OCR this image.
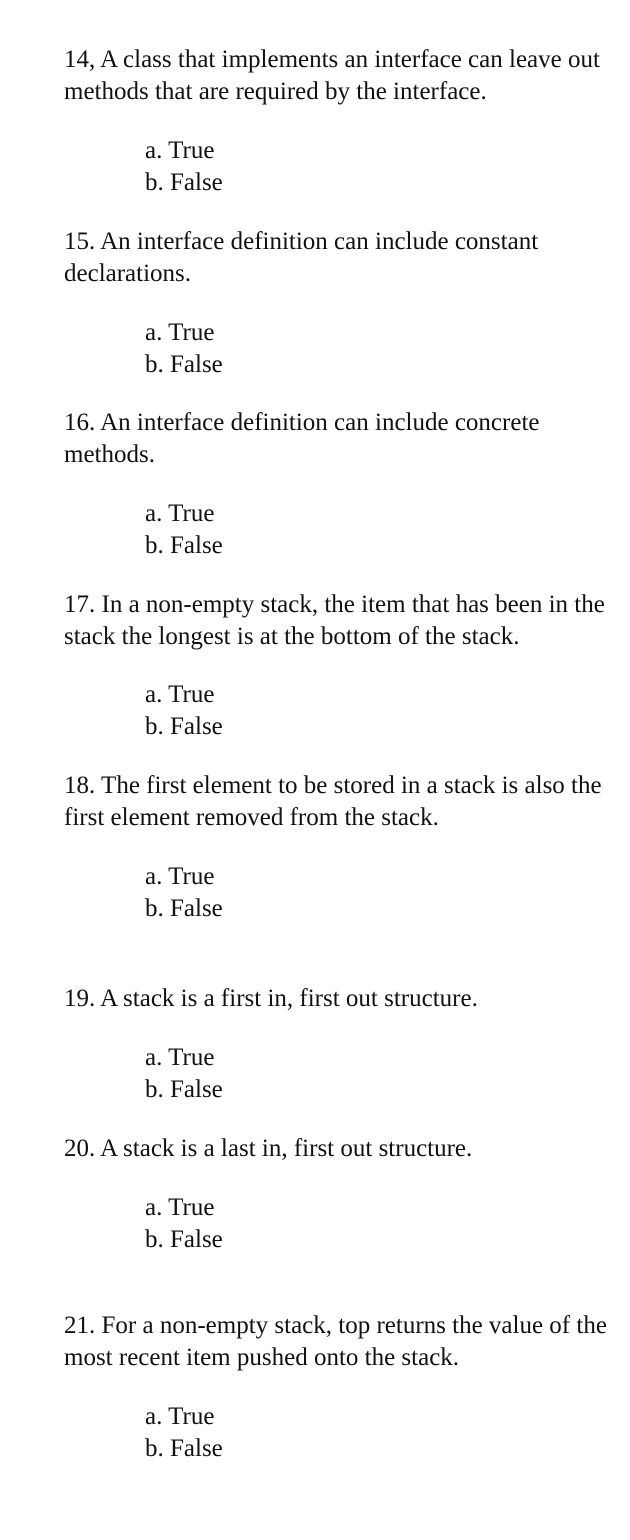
14, A class that implements an interface can leave out methods that are required by the interface.

a. True
b. False

15. An interface definition can include constant declarations.

a. True
b. False

16. An interface definition can include concrete methods.

a. True
b. False

17. In a non-empty stack, the item that has been in the stack the longest is at the bottom of the stack.

a. True
b. False

18. The first element to be stored in a stack is also the first element removed from the stack.

a. True
b. False

19. A stack is a first in, first out structure.

a. True
b. False

20. A stack is a last in, first out structure.

a. True
b. False

21. For a non-empty stack, top returns the value of the most recent item pushed onto the stack.

a. True
b. False
